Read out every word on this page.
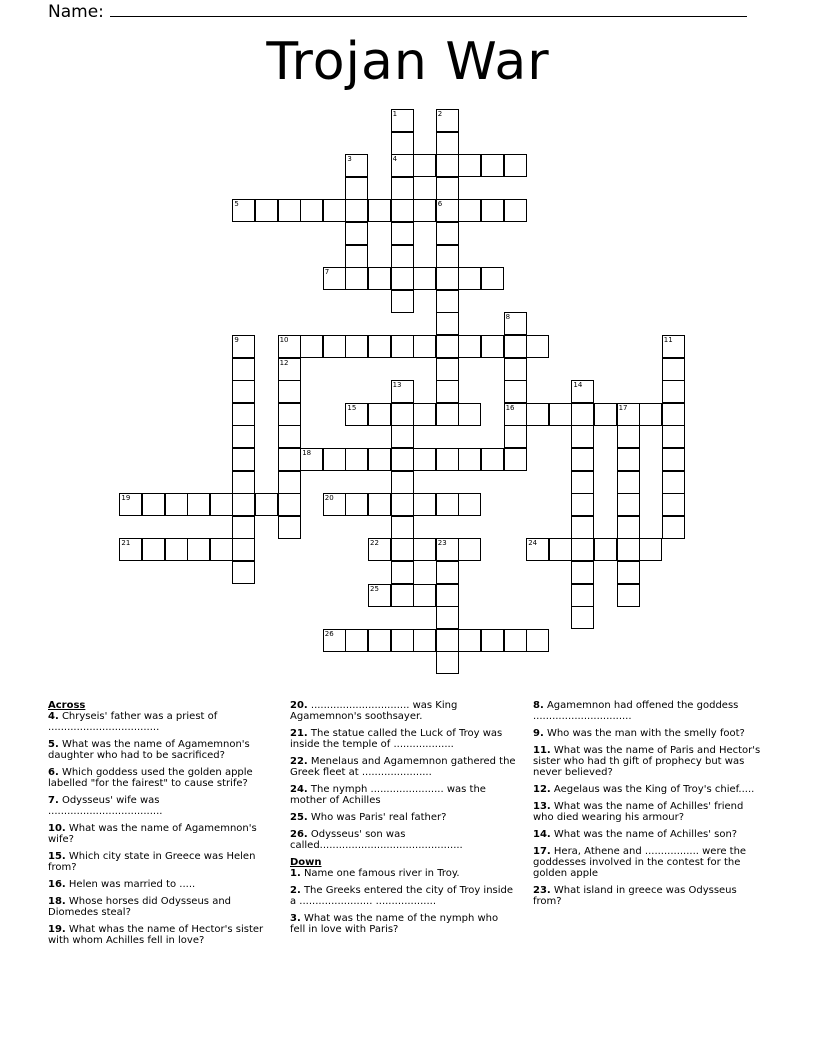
Name:
Trojan War
1
4
2
6
3
5
7
8
16
9	10	11
12
13	14
15	17
18
19	20
21	22	23	24
25
26
Across
4. Chryseis' father was a priest of ...................................
5. What was the name of Agamemnon's daughter who had to be sacrificed?
6. Which goddess used the golden apple labelled "for the fairest" to cause strife?
7. Odysseus' wife was ....................................
10. What was the name of Agamemnon's wife?
15. Which city state in Greece was Helen from?
16. Helen was married to .....
18. Whose horses did Odysseus and Diomedes steal?
19. What whas the name of Hector's sister with whom Achilles fell in love?
20. ............................... was King Agamemnon's soothsayer.
21. The statue called the Luck of Troy was inside the temple of ...................
22. Menelaus and Agamemnon gathered the Greek fleet at ......................
24. The nymph ....................... was the mother of Achilles
25. Who was Paris' real father?
26. Odysseus' son was called.............................................
Down
1. Name one famous river in Troy.
2. The Greeks entered the city of Troy inside a ....................... ...................
3. What was the name of the nymph who fell in love with Paris?
8. Agamemnon had offened the goddess ...............................
9. Who was the man with the smelly foot?
11. What was the name of Paris and Hector's sister who had th gift of prophecy but was never believed?
12. Aegelaus was the King of Troy's chief.....
13. What was the name of Achilles' friend who died wearing his armour?
14. What was the name of Achilles' son?
17. Hera, Athene and ................. were the goddesses involved in the contest for the golden apple
23. What island in greece was Odysseus from?
